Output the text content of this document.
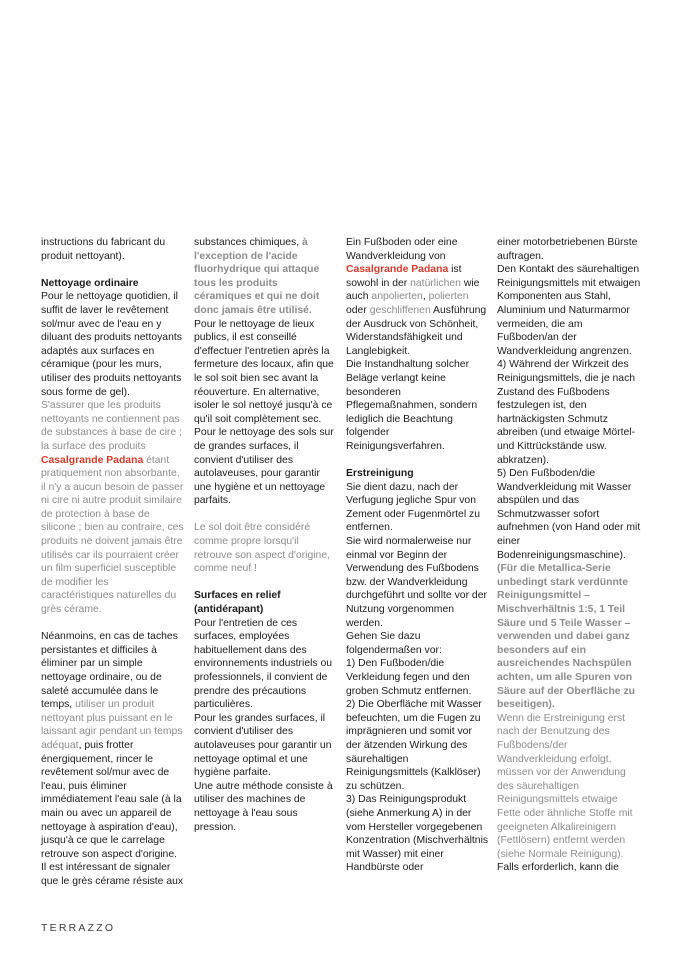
instructions du fabricant du
produit nettoyant).

Nettoyage ordinaire

Pour le nettoyage quotidien, il suffit de laver le revêtement sol/mur avec de l'eau en y diluant des produits nettoyants adaptés aux surfaces en céramique (pour les murs, utiliser des produits nettoyants sous forme de gel).

S'assurer que les produits nettoyants ne contiennent pas de substances à base de cire ; la surface des produits Casalgrande Padana étant pratiquement non absorbante, il n'y a aucun besoin de passer ni cire ni autre produit similaire de protection à base de silicone ; bien au contraire, ces produits ne doivent jamais être utilisés car ils pourraient créer un film superficiel susceptible de modifier les caractéristiques naturelles du grès cérame.

Néanmoins, en cas de taches persistantes et difficiles à éliminer par un simple nettoyage ordinaire, ou de saleté accumulée dans le temps, utiliser un produit nettoyant plus puissant en le laissant agir pendant un temps adéquat, puis frotter énergiquement, rincer le revêtement sol/mur avec de l'eau, puis éliminer immédiatement l'eau sale (à la main ou avec un appareil de nettoyage à aspiration d'eau), jusqu'à ce que le carrelage retrouve son aspect d'origine. Il est intéressant de signaler que le grès cérame résiste aux

substances chimiques, à l'exception de l'acide fluorhydrique qui attaque tous les produits céramiques et qui ne doit donc jamais être utilisé.

Pour le nettoyage de lieux publics, il est conseillé d'effectuer l'entretien après la fermeture des locaux, afin que le sol soit bien sec avant la réouverture. En alternative, isoler le sol nettoyé jusqu'à ce qu'il soit complètement sec. Pour le nettoyage des sols sur de grandes surfaces, il convient d'utiliser des autolaveuses, pour garantir une hygiène et un nettoyage parfaits.

Le sol doit être considéré comme propre lorsqu'il retrouve son aspect d'origine, comme neuf !

Surfaces en relief
(antidérapant)

Pour l'entretien de ces surfaces, employées habituellement dans des environnements industriels ou professionnels, il convient de prendre des précautions particulières.

Pour les grandes surfaces, il convient d'utiliser des autolaveuses pour garantir un nettoyage optimal et une hygiène parfaite.

Une autre méthode consiste à utiliser des machines de nettoyage à l'eau sous pression.

Ein Fußboden oder eine Wandverkleidung von Casalgrande Padana ist sowohl in der natürlichen wie auch anpolierten, polierten oder geschliffenen Ausführung der Ausdruck von Schönheit, Widerstandsfähigkeit und Langlebigkeit.

Die Instandhaltung solcher Beläge verlangt keine besonderen Pflegemaßnahmen, sondern lediglich die Beachtung folgender Reinigungsverfahren.

Erstreinigung

Sie dient dazu, nach der Verfugung jegliche Spur von Zement oder Fugenmörtel zu entfernen.

Sie wird normalerweise nur einmal vor Beginn der Verwendung des Fußbodens bzw. der Wandverkleidung durchgeführt und sollte vor der Nutzung vorgenommen werden.

Gehen Sie dazu folgendermaßen vor:

1) Den Fußboden/die Verkleidung fegen und den groben Schmutz entfernen.

2) Die Oberfläche mit Wasser befeuchten, um die Fugen zu imprägnieren und somit vor der ätzenden Wirkung des säurehaltigen Reinigungsmittels (Kalklöser) zu schützen.

3) Das Reinigungsprodukt (siehe Anmerkung A) in der vom Hersteller vorgegebenen Konzentration (Mischverhältnis mit Wasser) mit einer Handbürste oder

einer motorbetriebenen Bürste auftragen.

Den Kontakt des säurehaltigen Reinigungsmittels mit etwaigen Komponenten aus Stahl, Aluminium und Naturmarmor vermeiden, die am Fußboden/an der Wandverkleidung angrenzen.

4) Während der Wirkzeit des Reinigungsmittels, die je nach Zustand des Fußbodens festzulegen ist, den hartnäckigsten Schmutz abreiben (und etwaige Mörtel- und Kittrückstände usw. abkratzen).

5) Den Fußboden/die Wandverkleidung mit Wasser abspülen und das Schmutzwasser sofort aufnehmen (von Hand oder mit einer Bodenreinigungsmaschine).

(Für die Metallica-Serie unbedingt stark verdünnte Reinigungsmittel – Mischverhältnis 1:5, 1 Teil Säure und 5 Teile Wasser – verwenden und dabei ganz besonders auf ein ausreichendes Nachspülen achten, um alle Spuren von Säure auf der Oberfläche zu beseitigen).

Wenn die Erstreinigung erst nach der Benutzung des Fußbodens/der Wandverkleidung erfolgt, müssen vor der Anwendung des säurehaltigen Reinigungsmittels etwaige Fette oder ähnliche Stoffe mit geeigneten Alkalireinigern (Fettlösern) entfernt werden (siehe Normale Reinigung).

Falls erforderlich, kann die

TERRAZZO
